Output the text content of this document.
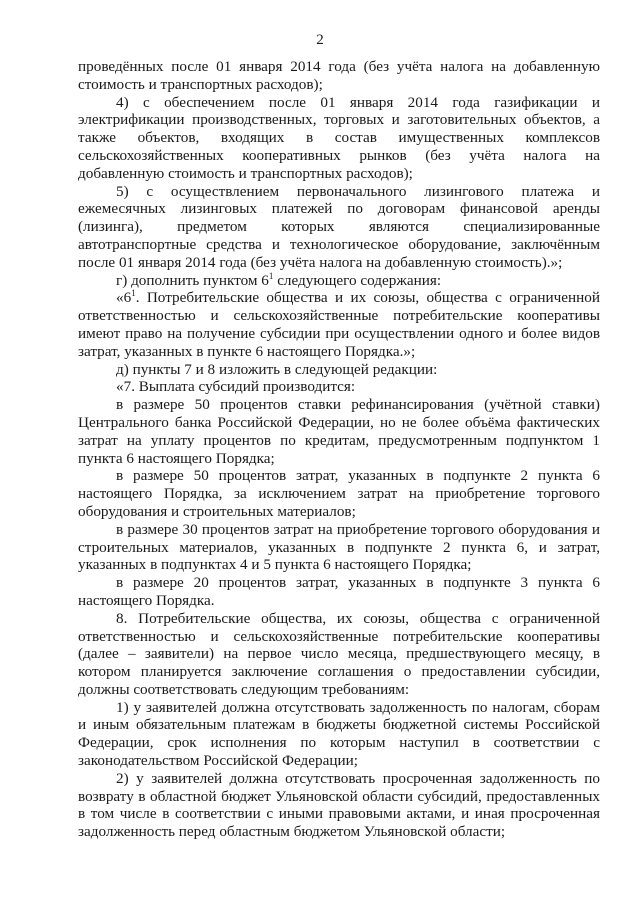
2

проведённых после 01 января 2014 года (без учёта налога на добавленную стоимость и транспортных расходов);

4) с обеспечением после 01 января 2014 года газификации и электрификации производственных, торговых и заготовительных объектов, а также объектов, входящих в состав имущественных комплексов сельскохозяйственных кооперативных рынков (без учёта налога на добавленную стоимость и транспортных расходов);

5) с осуществлением первоначального лизингового платежа и ежемесячных лизинговых платежей по договорам финансовой аренды (лизинга), предметом которых являются специализированные автотранспортные средства и технологическое оборудование, заключённым после 01 января 2014 года (без учёта налога на добавленную стоимость).»;

г) дополнить пунктом $6^1$ следующего содержания:

«$6^1$. Потребительские общества и их союзы, общества с ограниченной ответственностью и сельскохозяйственные потребительские кооперативы имеют право на получение субсидии при осуществлении одного и более видов затрат, указанных в пункте 6 настоящего Порядка.»;

д) пункты 7 и 8 изложить в следующей редакции:

«7. Выплата субсидий производится:

в размере 50 процентов ставки рефинансирования (учётной ставки) Центрального банка Российской Федерации, но не более объёма фактических затрат на уплату процентов по кредитам, предусмотренным подпунктом 1 пункта 6 настоящего Порядка;

в размере 50 процентов затрат, указанных в подпункте 2 пункта 6 настоящего Порядка, за исключением затрат на приобретение торгового оборудования и строительных материалов;

в размере 30 процентов затрат на приобретение торгового оборудования и строительных материалов, указанных в подпункте 2 пункта 6, и затрат, указанных в подпунктах 4 и 5 пункта 6 настоящего Порядка;

в размере 20 процентов затрат, указанных в подпункте 3 пункта 6 настоящего Порядка.

8. Потребительские общества, их союзы, общества с ограниченной ответственностью и сельскохозяйственные потребительские кооперативы (далее – заявители) на первое число месяца, предшествующего месяцу, в котором планируется заключение соглашения о предоставлении субсидии, должны соответствовать следующим требованиям:

1) у заявителей должна отсутствовать задолженность по налогам, сборам и иным обязательным платежам в бюджеты бюджетной системы Российской Федерации, срок исполнения по которым наступил в соответствии с законодательством Российской Федерации;

2) у заявителей должна отсутствовать просроченная задолженность по возврату в областной бюджет Ульяновской области субсидий, предоставленных в том числе в соответствии с иными правовыми актами, и иная просроченная задолженность перед областным бюджетом Ульяновской области;
